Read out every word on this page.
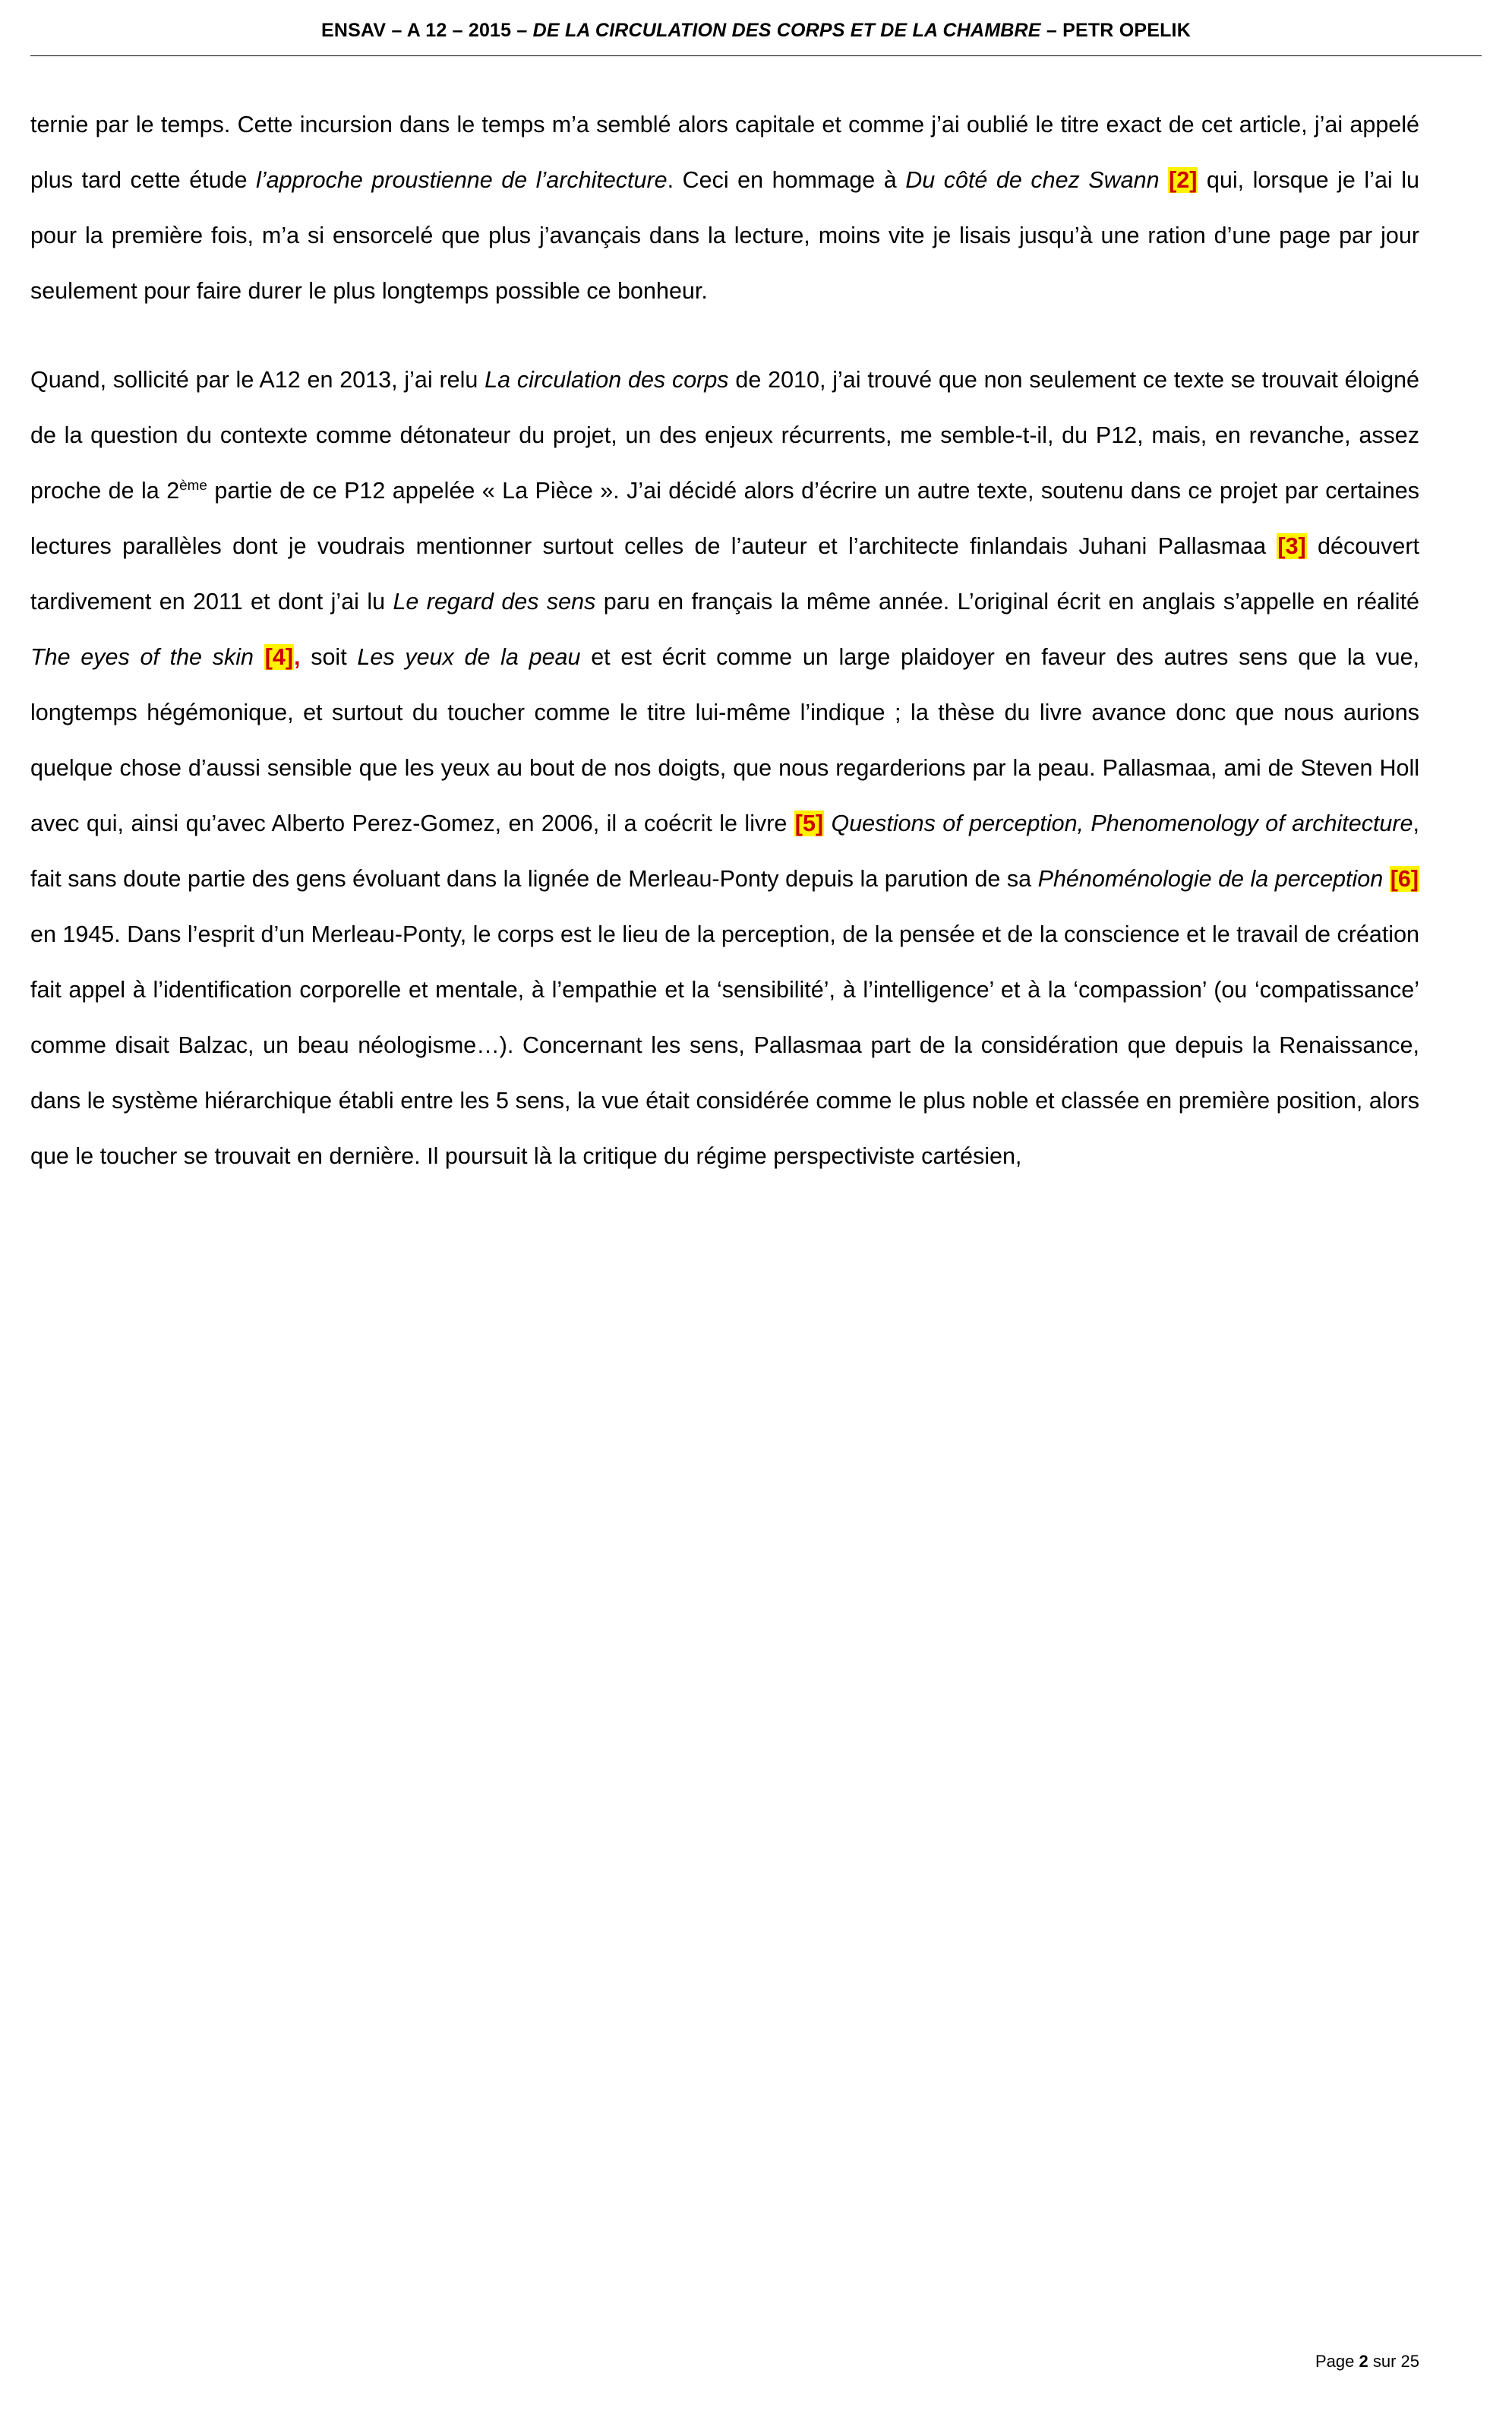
ENSAV – A 12 – 2015 – DE LA CIRCULATION DES CORPS ET DE LA CHAMBRE – PETR OPELIK

ternie par le temps. Cette incursion dans le temps m’a semblé alors capitale et comme j’ai oublié le titre exact de cet article, j’ai appelé plus tard cette étude l’approche proustienne de l’architecture. Ceci en hommage à Du côté de chez Swann [2] qui, lorsque je l’ai lu pour la première fois, m’a si ensorcelé que plus j’avançais dans la lecture, moins vite je lisais jusqu’à une ration d’une page par jour seulement pour faire durer le plus longtemps possible ce bonheur.

Quand, sollicité par le A12 en 2013, j’ai relu La circulation des corps de 2010, j’ai trouvé que non seulement ce texte se trouvait éloigné de la question du contexte comme détonateur du projet, un des enjeux récurrents, me semble-t-il, du P12, mais, en revanche, assez proche de la 2ème partie de ce P12 appelée « La Pièce ». J’ai décidé alors d’écrire un autre texte, soutenu dans ce projet par certaines lectures parallèles dont je voudrais mentionner surtout celles de l’auteur et l’architecte finlandais Juhani Pallasmaa [3] découvert tardivement en 2011 et dont j’ai lu Le regard des sens paru en français la même année. L’original écrit en anglais s’appelle en réalité The eyes of the skin [4], soit Les yeux de la peau et est écrit comme un large plaidoyer en faveur des autres sens que la vue, longtemps hégémonique, et surtout du toucher comme le titre lui-même l’indique ; la thèse du livre avance donc que nous aurions quelque chose d’aussi sensible que les yeux au bout de nos doigts, que nous regarderions par la peau. Pallasmaa, ami de Steven Holl avec qui, ainsi qu’avec Alberto Perez-Gomez, en 2006, il a coécrit le livre [5] Questions of perception, Phenomenology of architecture, fait sans doute partie des gens évoluant dans la lignée de Merleau-Ponty depuis la parution de sa Phénoménologie de la perception [6] en 1945. Dans l’esprit d’un Merleau-Ponty, le corps est le lieu de la perception, de la pensée et de la conscience et le travail de création fait appel à l’identification corporelle et mentale, à l’empathie et la ‘sensibilité’, à l’intelligence’ et à la ‘compassion’ (ou ‘compatissance’ comme disait Balzac, un beau néologisme…). Concernant les sens, Pallasmaa part de la considération que depuis la Renaissance, dans le système hiérarchique établi entre les 5 sens, la vue était considérée comme le plus noble et classée en première position, alors que le toucher se trouvait en dernière. Il poursuit là la critique du régime perspectiviste cartésien,

Page 2 sur 25
